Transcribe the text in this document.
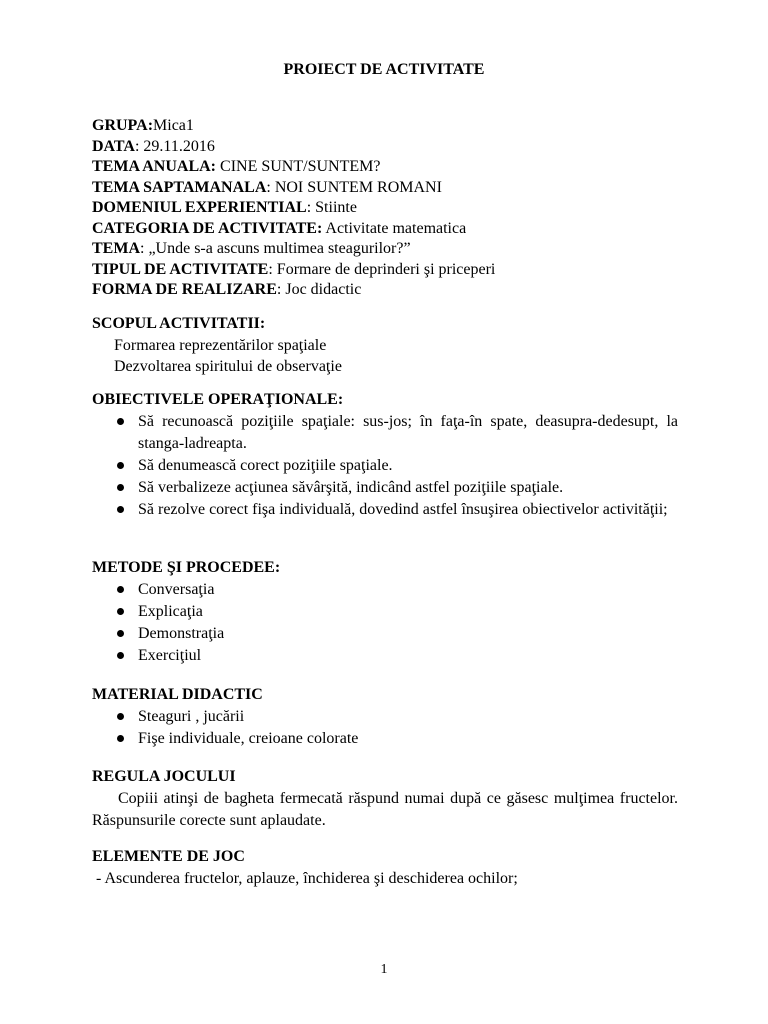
PROIECT DE ACTIVITATE
GRUPA:Mica1
DATA: 29.11.2016
TEMA ANUALA: CINE SUNT/SUNTEM?
TEMA SAPTAMANALA: NOI SUNTEM ROMANI
DOMENIUL EXPERIENTIAL: Stiinte
CATEGORIA DE ACTIVITATE: Activitate matematica
TEMA: „Unde s-a ascuns multimea steagurilor?”
TIPUL DE ACTIVITATE: Formare de deprinderi şi priceperi
FORMA DE REALIZARE: Joc didactic
SCOPUL ACTIVITATII:
Formarea reprezentărilor spaţiale
Dezvoltarea spiritului de observaţie
OBIECTIVELE OPERAŢIONALE:
Să recunoască poziţiile spaţiale: sus-jos; în faţa-în spate, deasupra-dedesupt, la stanga-ladreapta.
Să denumească corect poziţiile spaţiale.
Să verbalizeze acţiunea săvârşită, indicând astfel poziţiile spaţiale.
Să rezolve corect fişa individuală, dovedind astfel însuşirea obiectivelor activităţii;
METODE ŞI PROCEDEE:
Conversaţia
Explicaţia
Demonstraţia
Exerciţiul
MATERIAL DIDACTIC
Steaguri , jucării
Fişe individuale, creioane colorate
REGULA JOCULUI
Copiii atinşi de bagheta fermecată răspund numai după ce găsesc mulţimea fructelor. Răspunsurile corecte sunt aplaudate.
ELEMENTE DE JOC
- Ascunderea fructelor, aplauze, închiderea şi deschiderea ochilor;
1
